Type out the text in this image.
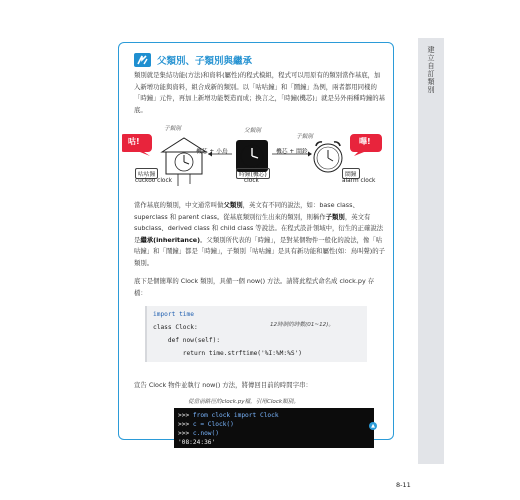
建立自訂類別
父類別、子類別與繼承
類別就是集結功能(方法)和資料(屬性)的程式模組，程式可以用原有的類別當作基底，加入新增功能與資料，組合成新的類別。以「咕咕鐘」和「鬧鐘」為例，兩者都用同樣的「時鐘」元件，再加上新增功能製造而成；換言之，「時鐘(機芯)」就是另外兩種時鐘的基底。
咕!	嗶!
子類別	父類別
子類別
機芯 + 小鳥	機芯 + 鬧鈴
咕咕鐘
cuckoo clock
時鐘(機芯)
clock
鬧鐘
alarm clock
當作基底的類別，中文通常叫做父類別，英文有不同的說法，如：base class、superclass 和 parent class。從基底類別衍生出來的類別，則稱作子類別，英文有 subclass、derived class 和 child class 等說法。在程式設計領域中，衍生的正確說法是繼承(inheritance)。父類別所代表的「時鐘」，是對某個物件一般化的說法，像「咕咕鐘」和「鬧鐘」都是「時鐘」，子類別「咕咕鐘」是具有新功能和屬性(如：鳥叫聲)的子類別。
底下是個簡單的 Clock 類別，具備一個 now() 方法。請將此程式命名成 clock.py 存檔：
import time
class Clock:
def now(self):
return time.strftime('%I:%M:%S')
12時制的時數(01~12)。
宣告 Clock 物件並執行 now() 方法，將傳回目前的時間字串：
從當前路徑的clock.py檔，引用Clock類別。
>>> from clock import Clock
>>> c = Clock()
>>> c.now()
'08:24:36'
▲
8-11
